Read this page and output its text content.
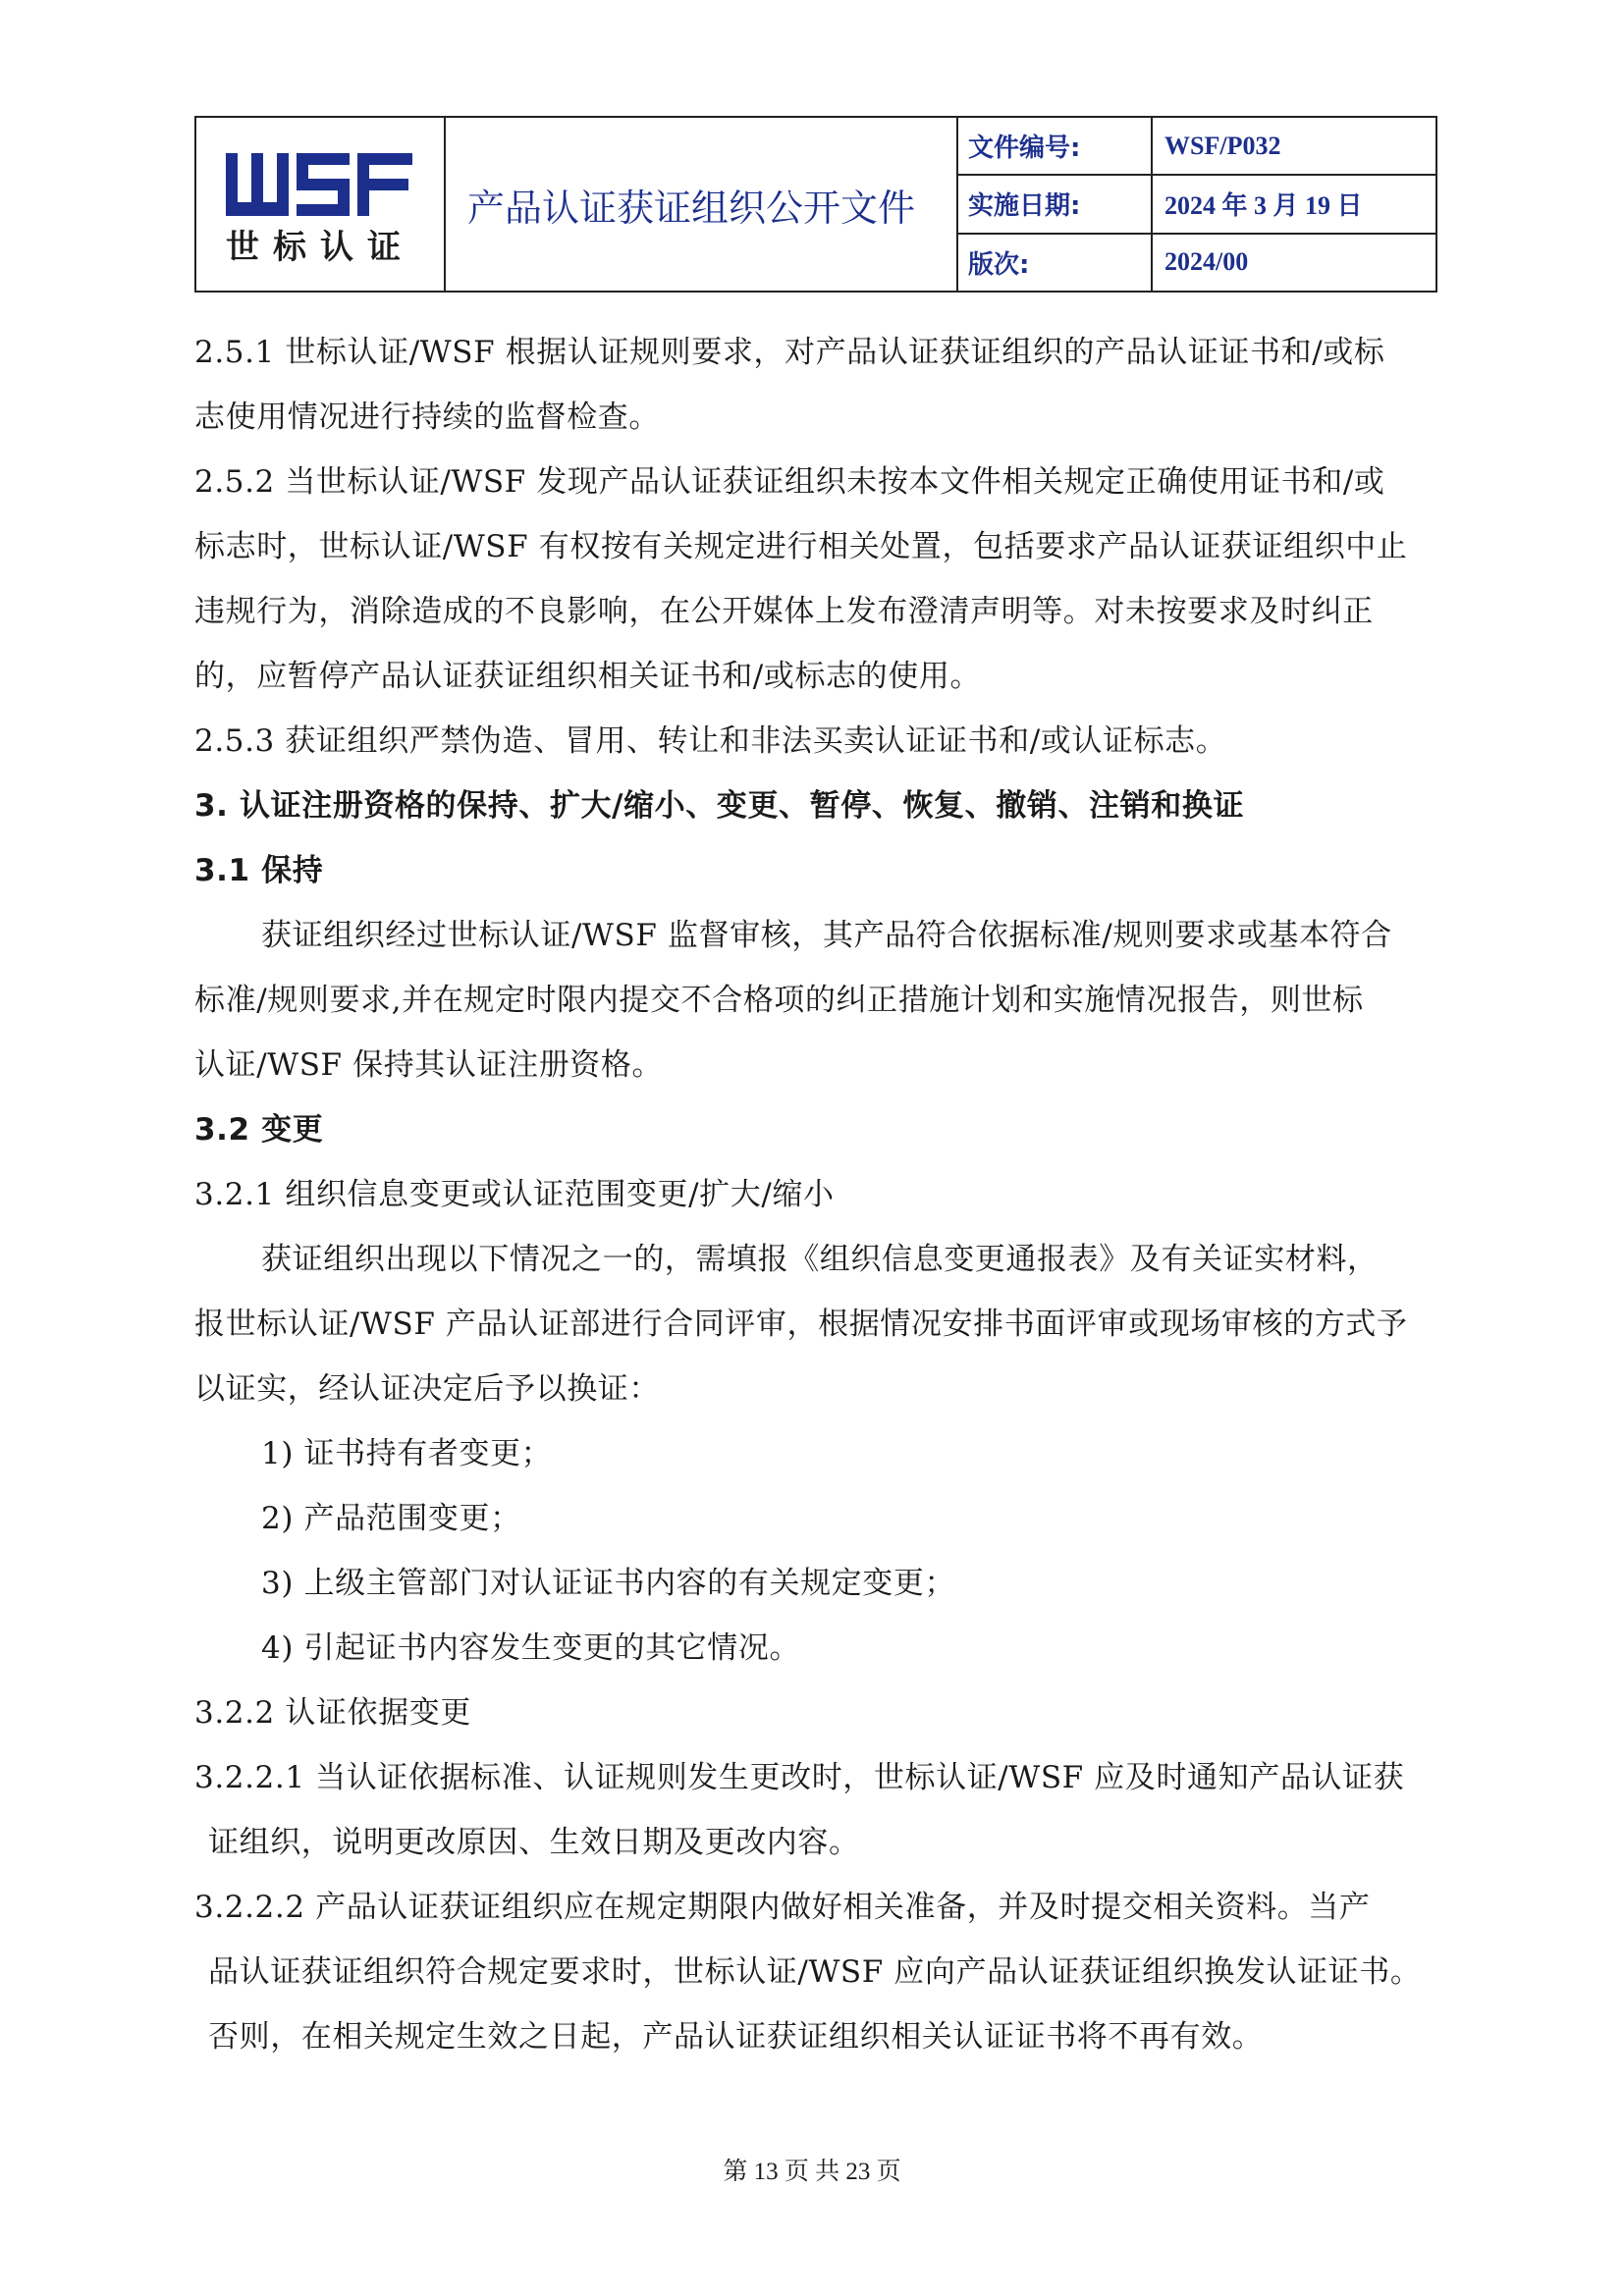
世标认证
产品认证获证组织公开文件
文件编号:	WSF/P032
实施日期:	2024 年 3 月 19 日
版次:	2024/00
2.5.1 世标认证/WSF 根据认证规则要求，对产品认证获证组织的产品认证证书和/或标
志使用情况进行持续的监督检查。
2.5.2 当世标认证/WSF 发现产品认证获证组织未按本文件相关规定正确使用证书和/或
标志时，世标认证/WSF 有权按有关规定进行相关处置，包括要求产品认证获证组织中止
违规行为，消除造成的不良影响，在公开媒体上发布澄清声明等。对未按要求及时纠正
的，应暂停产品认证获证组织相关证书和/或标志的使用。
2.5.3 获证组织严禁伪造、冒用、转让和非法买卖认证证书和/或认证标志。
3. 认证注册资格的保持、扩大/缩小、变更、暂停、恢复、撤销、注销和换证
3.1 保持
获证组织经过世标认证/WSF 监督审核，其产品符合依据标准/规则要求或基本符合
标准/规则要求,并在规定时限内提交不合格项的纠正措施计划和实施情况报告，则世标
认证/WSF 保持其认证注册资格。
3.2 变更
3.2.1 组织信息变更或认证范围变更/扩大/缩小
获证组织出现以下情况之一的，需填报《组织信息变更通报表》及有关证实材料，
报世标认证/WSF 产品认证部进行合同评审，根据情况安排书面评审或现场审核的方式予
以证实，经认证决定后予以换证：
1) 证书持有者变更；
2) 产品范围变更；
3) 上级主管部门对认证证书内容的有关规定变更；
4) 引起证书内容发生变更的其它情况。
3.2.2 认证依据变更
3.2.2.1 当认证依据标准、认证规则发生更改时，世标认证/WSF 应及时通知产品认证获
证组织，说明更改原因、生效日期及更改内容。
3.2.2.2 产品认证获证组织应在规定期限内做好相关准备，并及时提交相关资料。当产
品认证获证组织符合规定要求时，世标认证/WSF 应向产品认证获证组织换发认证证书。
否则，在相关规定生效之日起，产品认证获证组织相关认证证书将不再有效。
第 13 页 共 23 页
